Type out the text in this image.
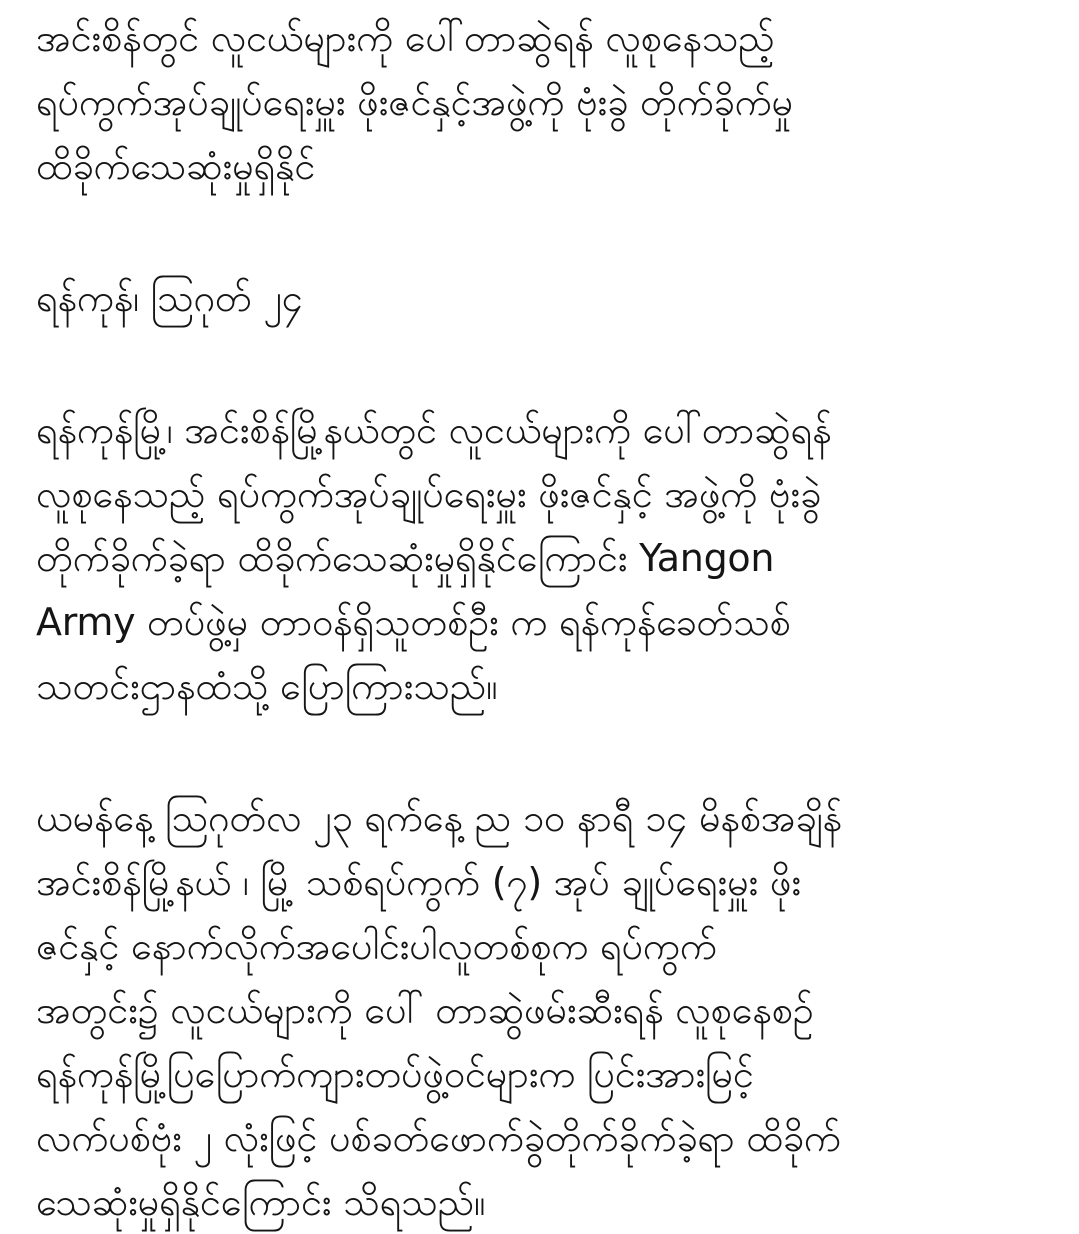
အင်းစိန်တွင် လူငယ်များကို ပေါ်တာဆွဲရန် လူစုနေသည့်
ရပ်ကွက်အုပ်ချုပ်ရေးမှူး ဖိုးဇင်နှင့်အဖွဲ့ကို ဗုံးခွဲ တိုက်ခိုက်မှု
ထိခိုက်သေဆုံးမှုရှိနိုင်
ရန်ကုန်၊ ဩဂုတ် ၂၄
ရန်ကုန်မြို့၊ အင်းစိန်မြို့နယ်တွင် လူငယ်များကို ပေါ်တာဆွဲရန်
လူစုနေသည့် ရပ်ကွက်အုပ်ချုပ်ရေးမှူး ဖိုးဇင်နှင့် အဖွဲ့ကို ဗုံးခွဲ
တိုက်ခိုက်ခဲ့ရာ ထိခိုက်သေဆုံးမှုရှိနိုင်ကြောင်း Yangon
Army တပ်ဖွဲ့မှ တာဝန်ရှိသူတစ်ဦး က ရန်ကုန်ခေတ်သစ်
သတင်းဌာနထံသို့ ပြောကြားသည်။
ယမန်နေ့ ဩဂုတ်လ ၂၃ ရက်နေ့ ည ၁၀ နာရီ ၁၄ မိနစ်အချိန်
အင်းစိန်မြို့နယ် ၊ မြို့ သစ်ရပ်ကွက် (၇) အုပ် ချုပ်ရေးမှူး ဖိုး
ဇင်နှင့် နောက်လိုက်အပေါင်းပါလူတစ်စုက ရပ်ကွက်
အတွင်း၌ လူငယ်များကို ပေါ် တာဆွဲဖမ်းဆီးရန် လူစုနေစဉ်
ရန်ကုန်မြို့ပြပြောက်ကျားတပ်ဖွဲ့ဝင်များက ပြင်းအားမြင့်
လက်ပစ်ဗုံး ၂ လုံးဖြင့် ပစ်ခတ်ဖောက်ခွဲတိုက်ခိုက်ခဲ့ရာ ထိခိုက်
သေဆုံးမှုရှိနိုင်ကြောင်း သိရသည်။
